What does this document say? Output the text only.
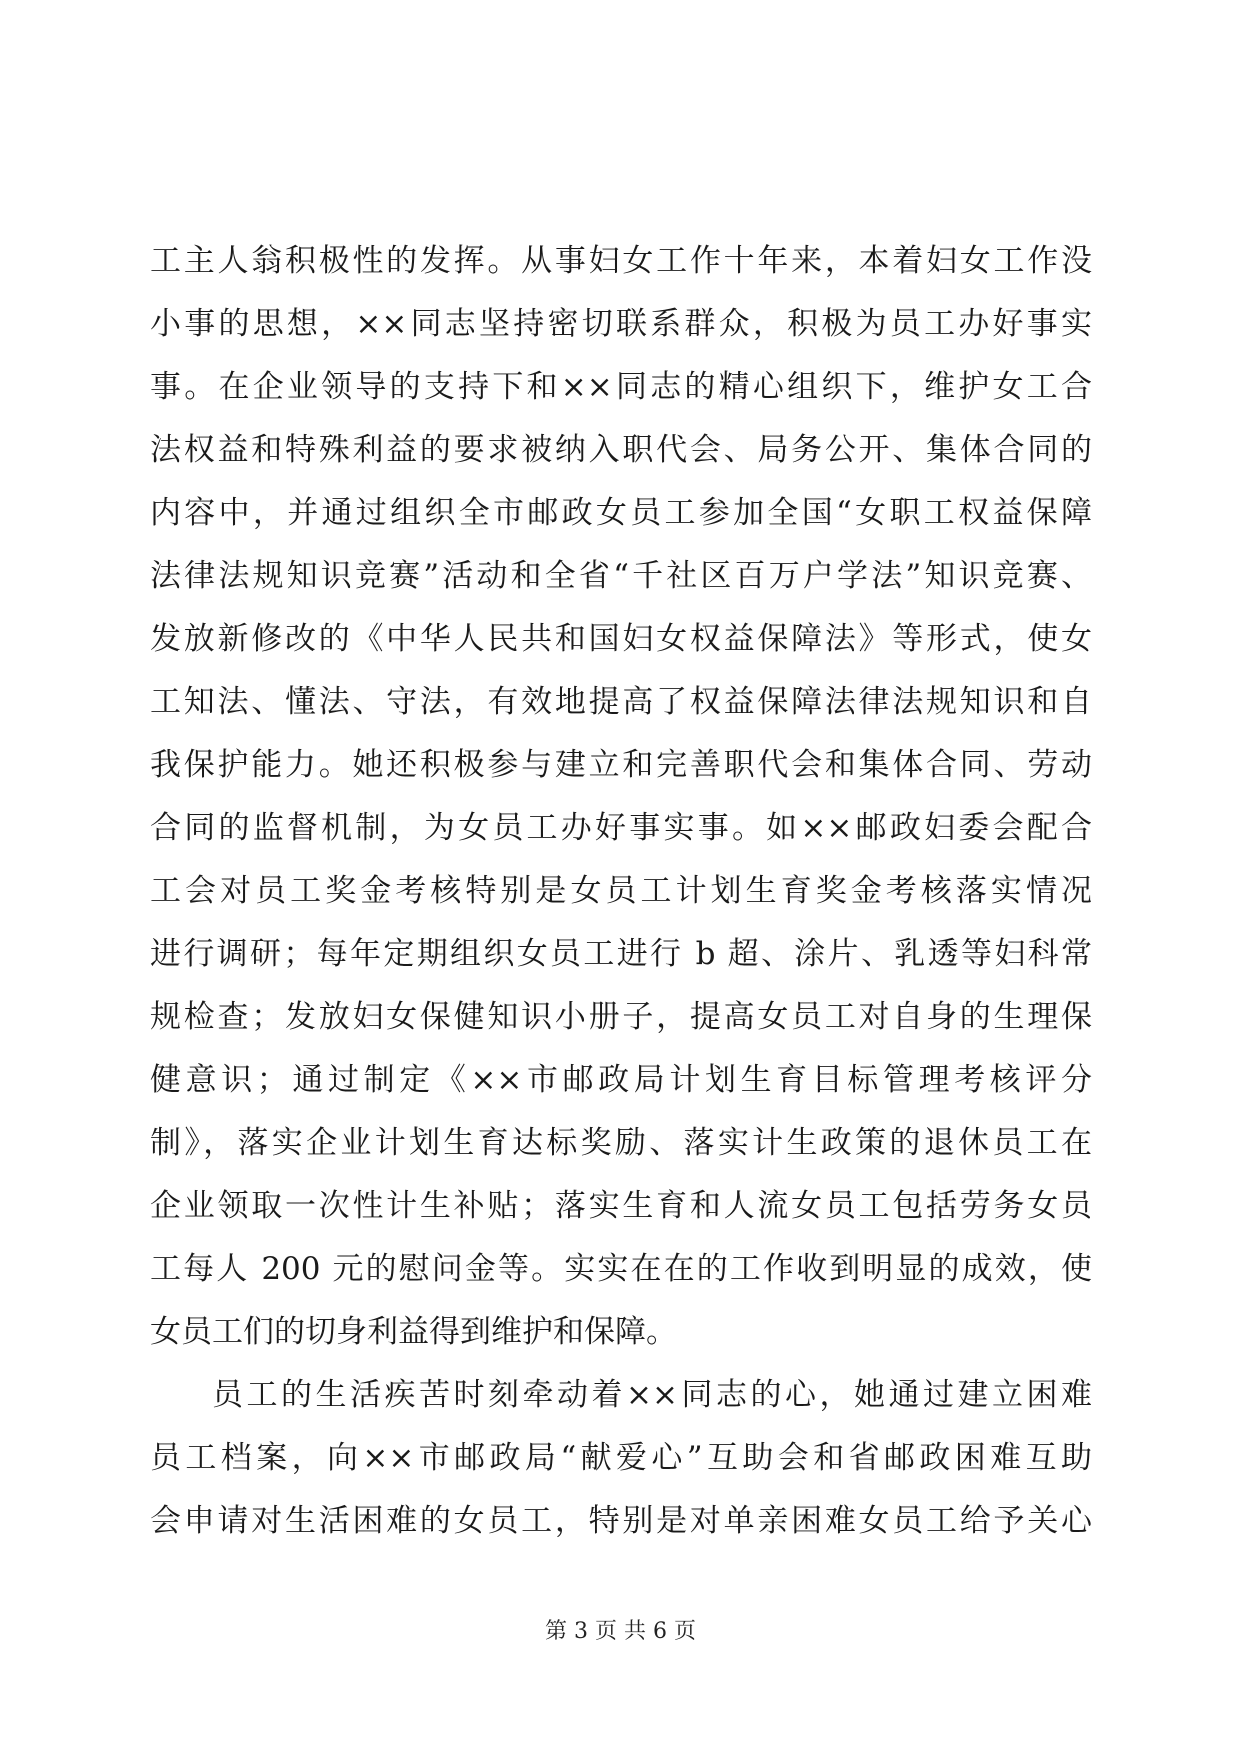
工主人翁积极性的发挥。从事妇女工作十年来，本着妇女工作没
小事的思想，××同志坚持密切联系群众，积极为员工办好事实
事。在企业领导的支持下和××同志的精心组织下，维护女工合
法权益和特殊利益的要求被纳入职代会、局务公开、集体合同的
内容中，并通过组织全市邮政女员工参加全国“女职工权益保障
法律法规知识竞赛”活动和全省“千社区百万户学法”知识竞赛、
发放新修改的《中华人民共和国妇女权益保障法》等形式，使女
工知法、懂法、守法，有效地提高了权益保障法律法规知识和自
我保护能力。她还积极参与建立和完善职代会和集体合同、劳动
合同的监督机制，为女员工办好事实事。如××邮政妇委会配合
工会对员工奖金考核特别是女员工计划生育奖金考核落实情况
进行调研；每年定期组织女员工进行 b 超、涂片、乳透等妇科常
规检查；发放妇女保健知识小册子，提高女员工对自身的生理保
健意识；通过制定《××市邮政局计划生育目标管理考核评分
制》，落实企业计划生育达标奖励、落实计生政策的退休员工在
企业领取一次性计生补贴；落实生育和人流女员工包括劳务女员
工每人 200 元的慰问金等。实实在在的工作收到明显的成效，使
女员工们的切身利益得到维护和保障。
员工的生活疾苦时刻牵动着××同志的心，她通过建立困难
员工档案，向××市邮政局“献爱心”互助会和省邮政困难互助
会申请对生活困难的女员工，特别是对单亲困难女员工给予关心
第 3 页 共 6 页
